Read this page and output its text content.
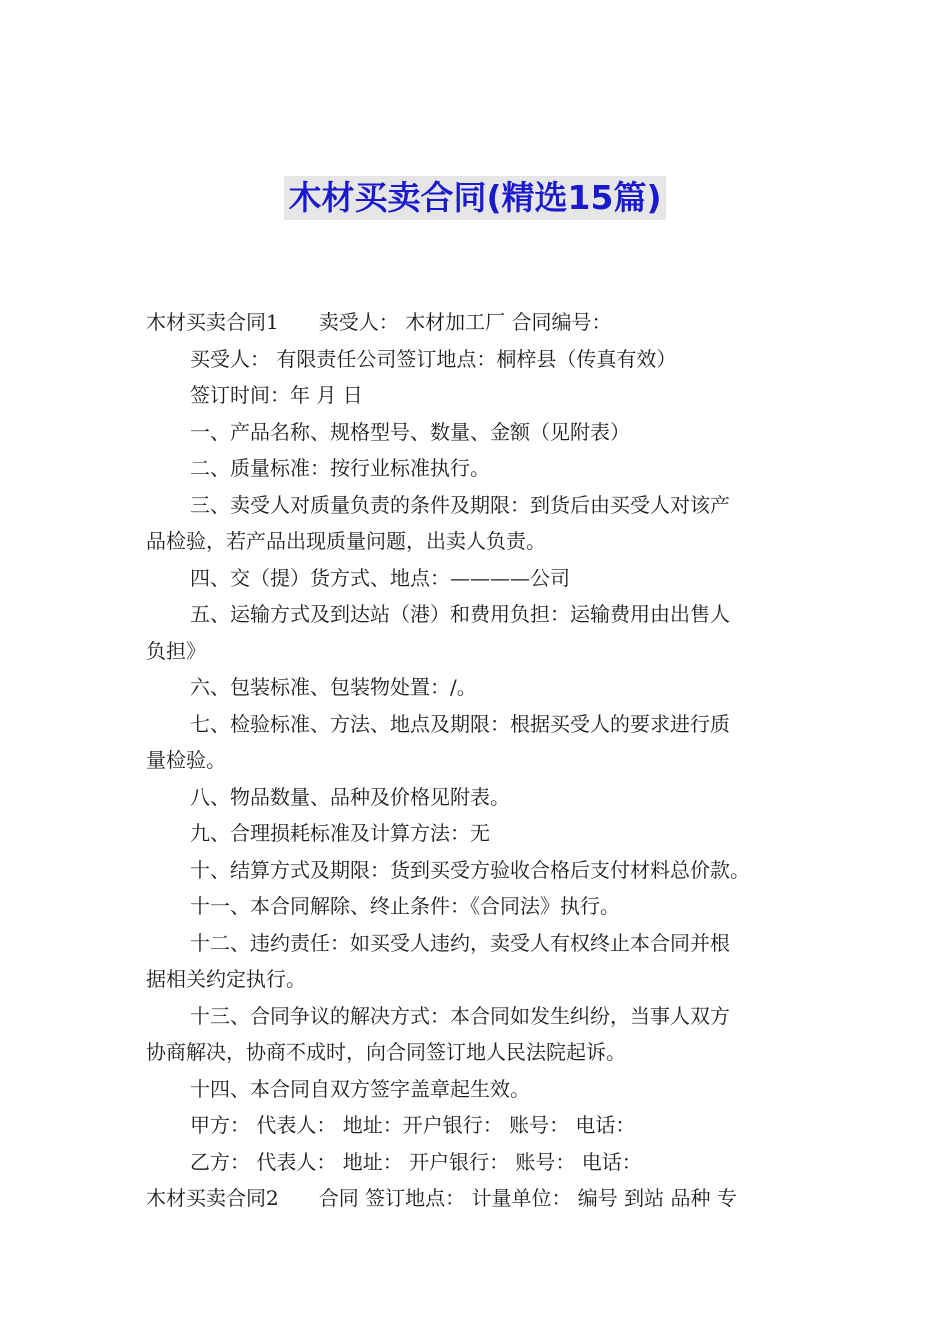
木材买卖合同(精选15篇)
木材买卖合同1 卖受人： 木材加工厂 合同编号：
买受人： 有限责任公司签订地点：桐梓县（传真有效）
签订时间：年 月 日
一、产品名称、规格型号、数量、金额（见附表）
二、质量标准：按行业标准执行。
三、卖受人对质量负责的条件及期限：到货后由买受人对该产
品检验，若产品出现质量问题，出卖人负责。
四、交（提）货方式、地点：————公司
五、运输方式及到达站（港）和费用负担：运输费用由出售人
负担》
六、包装标准、包装物处置：/。
七、检验标准、方法、地点及期限：根据买受人的要求进行质
量检验。
八、物品数量、品种及价格见附表。
九、合理损耗标准及计算方法：无
十、结算方式及期限：货到买受方验收合格后支付材料总价款。
十一、本合同解除、终止条件：《合同法》执行。
十二、违约责任：如买受人违约，卖受人有权终止本合同并根
据相关约定执行。
十三、合同争议的解决方式：本合同如发生纠纷，当事人双方
协商解决，协商不成时，向合同签订地人民法院起诉。
十四、本合同自双方签字盖章起生效。
甲方： 代表人： 地址：开户银行： 账号： 电话：
乙方： 代表人： 地址： 开户银行： 账号： 电话：
木材买卖合同2 合同 签订地点： 计量单位： 编号 到站 品种 专
